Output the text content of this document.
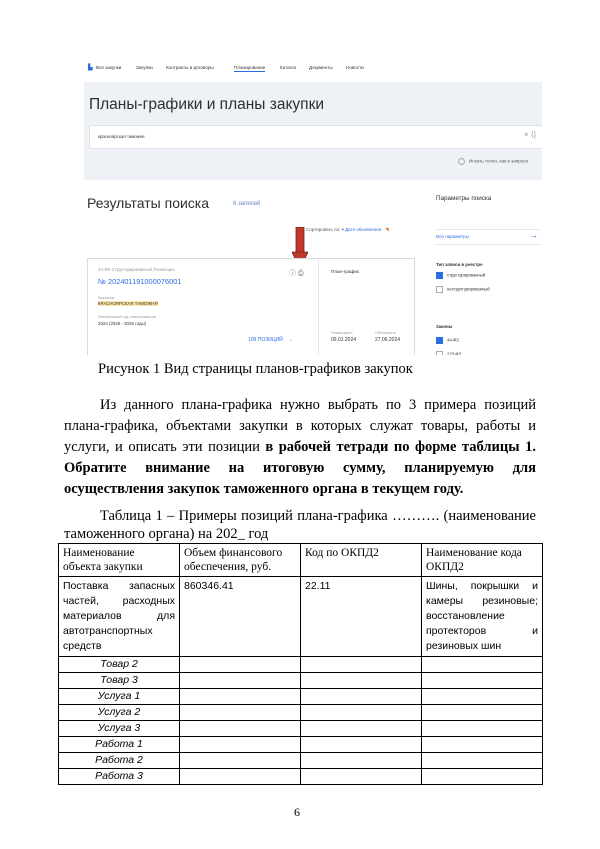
▙ Все закупки	Закупки	Контракты и договоры	Планирование	Каталог	Документы	Новости
Планы-графики и планы закупки
красноярская таможня	× ⟨|
Искать точно, как в запросе
Результаты поиска	6 записей
Сортировать по: ▾ Дате обновления ◥
44-ФЗ Структурированный Размещен
ⓘ ⎙
№ 202401191000076001
Заказчик
КРАСНОЯРСКАЯ ТАМОЖНЯ
Финансовый год планирования
2024 (2025 - 2026 годы)
109 ПОЗИЦИЙ →
План-график
Размещено
09.01.2024
Обновлено
27.06.2024
Параметры поиска
Все параметры	→
Тип записи в реестре
структурированный
неструктурированный
Законы
44-ФЗ
223-ФЗ
Рисунок 1 Вид страницы планов-графиков закупок
Из данного плана-графика нужно выбрать по 3 примера позиций плана-графика, объектами закупки в которых служат товары, работы и услуги, и описать эти позиции в рабочей тетради по форме таблицы 1. Обратите внимание на итоговую сумму, планируемую для осуществления закупок таможенного органа в текущем году.
Таблица 1 – Примеры позиций плана-графика ………. (наименование таможенного органа) на 202_ год
Наименование объекта закупки	Объем финансового обеспечения, руб.	Код по ОКПД2	Наименование кода ОКПД2
Поставка запасных частей, расходных материалов для автотранспортных средств	860346.41	22.11	Шины, покрышки и камеры резиновые; восстановление протекторов и резиновых шин
Товар 2			
Товар 3			
Услуга 1			
Услуга 2			
Услуга 3			
Работа 1			
Работа 2			
Работа 3			
6
